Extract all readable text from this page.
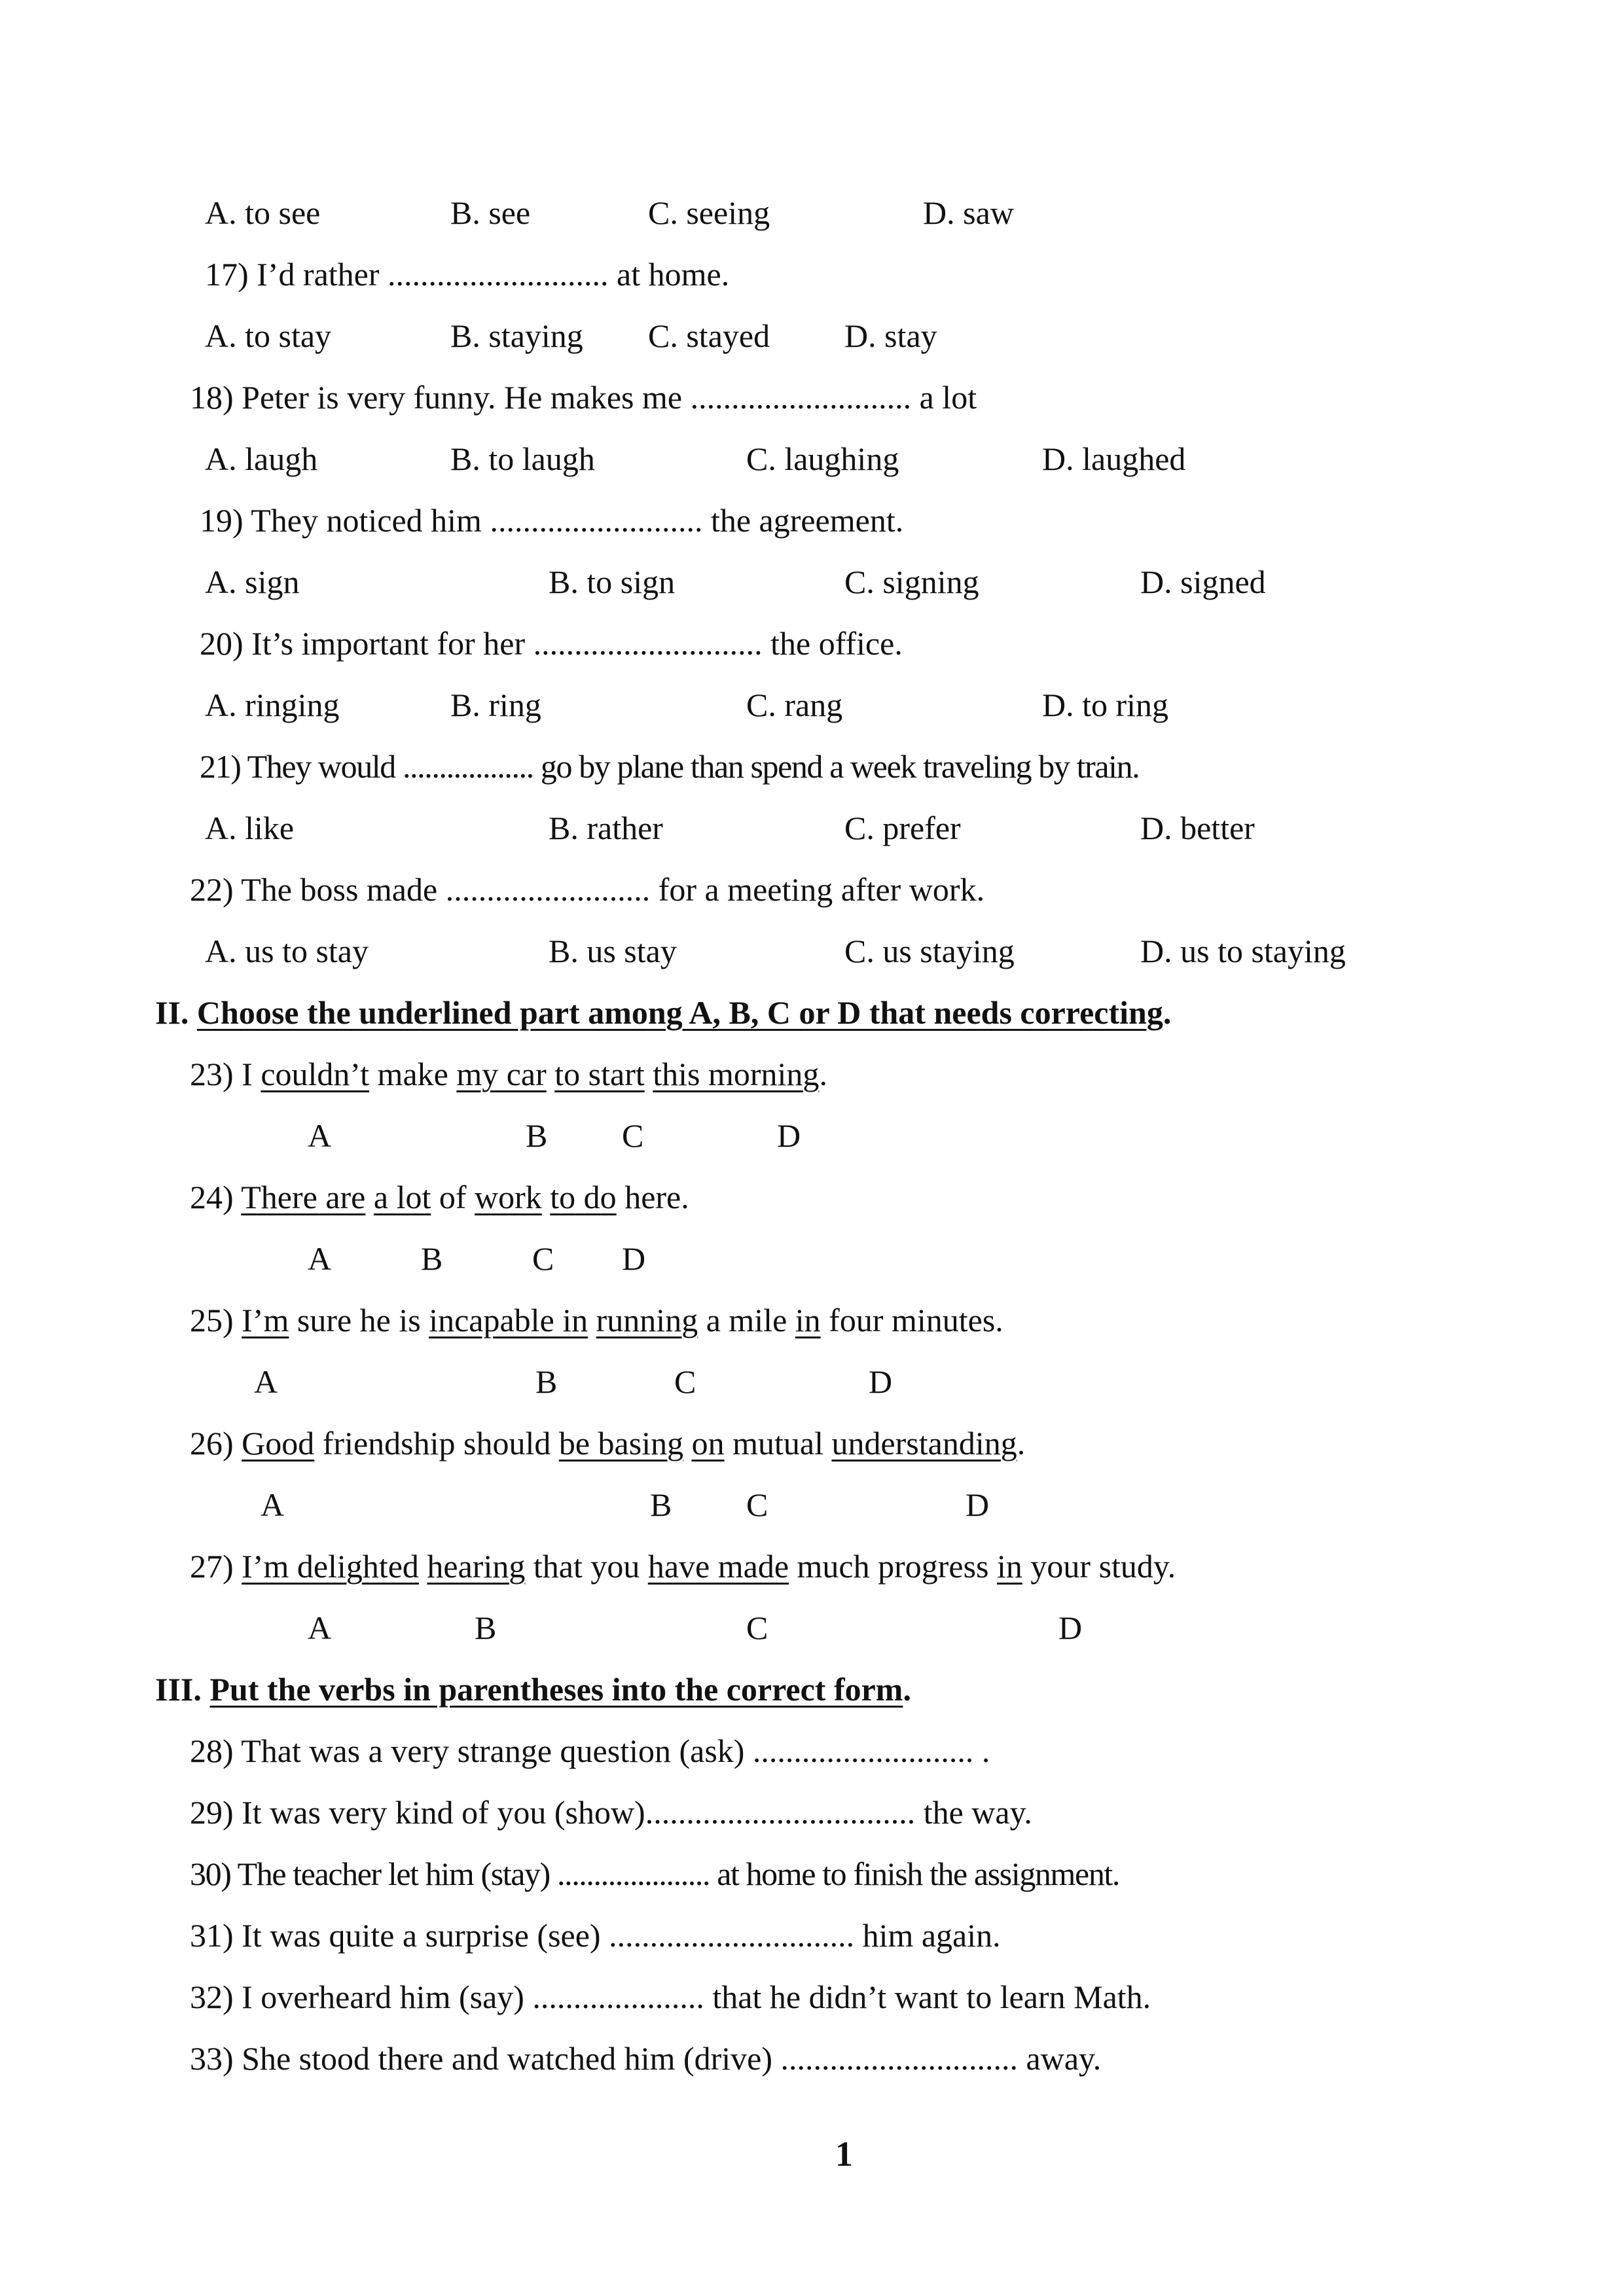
A. to see	B. see	C. seeing	D. saw
17) I’d rather ........................... at home.
A. to stay	B. staying C. stayed D. stay
18) Peter is very funny. He makes me ........................... a lot
A. laugh	B. to laugh	C. laughing	D. laughed
19) They noticed him .......................... the agreement.
A. sign	B. to sign	C. signing	D. signed
20) It’s important for her ............................ the office.
A. ringing	B. ring	C. rang	D. to ring
21) They would .................. go by plane than spend a week traveling by train.
A. like	B. rather	C. prefer	D. better
22) The boss made ......................... for a meeting after work.
A. us to stay	B. us stay	C. us staying	D. us to staying
II. Choose the underlined part among A, B, C or D that needs correcting.
23) I couldn’t make my car to start this morning.
A	B C	D
24) There are a lot of work to do here.
A	B	C D
25) I’m sure he is incapable in running a mile in four minutes.
A	B	C	D
26) Good friendship should be basing on mutual understanding.
A	B C	D
27) I’m delighted hearing that you have made much progress in your study.
A	B	C	D
III. Put the verbs in parentheses into the correct form.
28) That was a very strange question (ask) ........................... .
29) It was very kind of you (show)................................. the way.
30) The teacher let him (stay) ..................... at home to finish the assignment.
31) It was quite a surprise (see) .............................. him again.
32) I overheard him (say) ..................... that he didn’t want to learn Math.
33) She stood there and watched him (drive) ............................. away.
1
